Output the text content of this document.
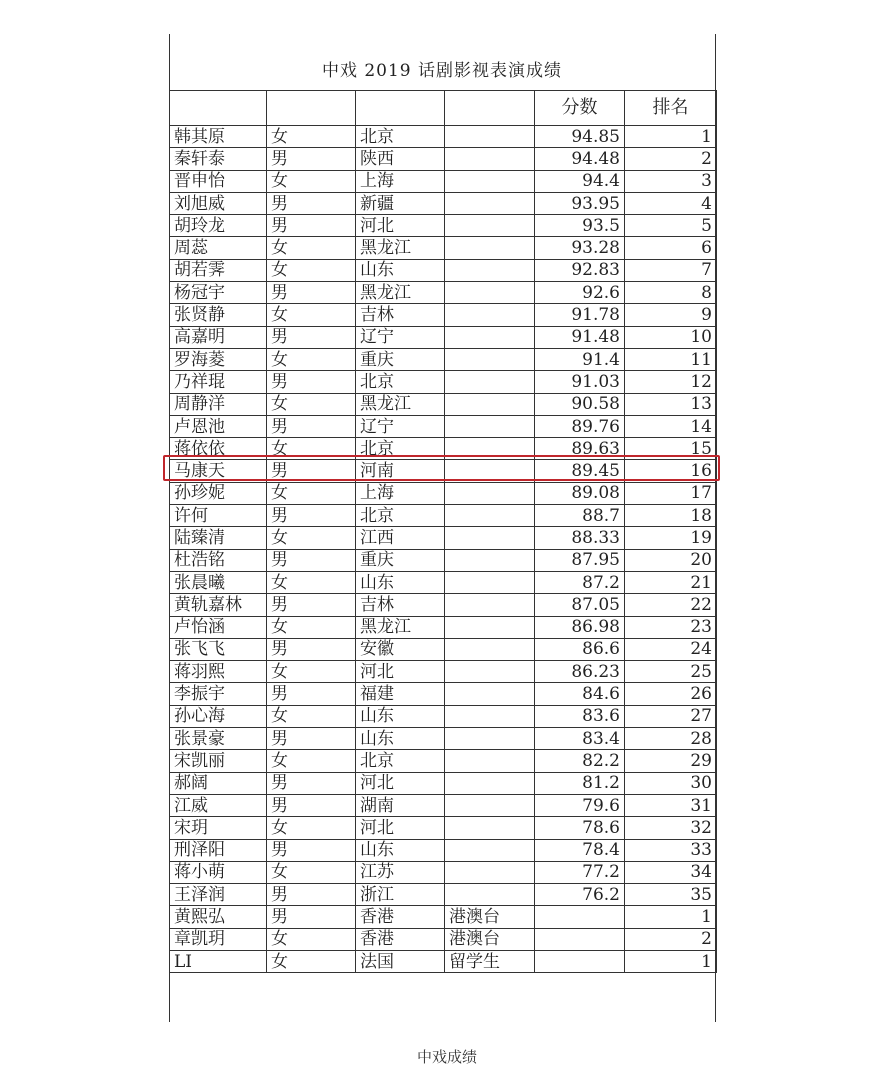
中戏 2019 话剧影视表演成绩
				分数	排名
韩其原	女	北京		94.85	1
秦轩泰	男	陕西		94.48	2
晋申怡	女	上海		94.4	3
刘旭威	男	新疆		93.95	4
胡玲龙	男	河北		93.5	5
周蕊	女	黑龙江		93.28	6
胡若霁	女	山东		92.83	7
杨冠宇	男	黑龙江		92.6	8
张贤静	女	吉林		91.78	9
高嘉明	男	辽宁		91.48	10
罗海菱	女	重庆		91.4	11
乃祥琨	男	北京		91.03	12
周静洋	女	黑龙江		90.58	13
卢恩池	男	辽宁		89.76	14
蒋依依	女	北京		89.63	15
马康天	男	河南		89.45	16
孙珍妮	女	上海		89.08	17
许何	男	北京		88.7	18
陆臻清	女	江西		88.33	19
杜浩铭	男	重庆		87.95	20
张晨曦	女	山东		87.2	21
黄轨嘉林	男	吉林		87.05	22
卢怡涵	女	黑龙江		86.98	23
张飞飞	男	安徽		86.6	24
蒋羽熙	女	河北		86.23	25
李振宇	男	福建		84.6	26
孙心海	女	山东		83.6	27
张景豪	男	山东		83.4	28
宋凯丽	女	北京		82.2	29
郝阔	男	河北		81.2	30
江威	男	湖南		79.6	31
宋玥	女	河北		78.6	32
刑泽阳	男	山东		78.4	33
蒋小萌	女	江苏		77.2	34
王泽润	男	浙江		76.2	35
黄熙弘	男	香港	港澳台		1
章凯玥	女	香港	港澳台		2
LI	女	法国	留学生		1
中戏成绩
